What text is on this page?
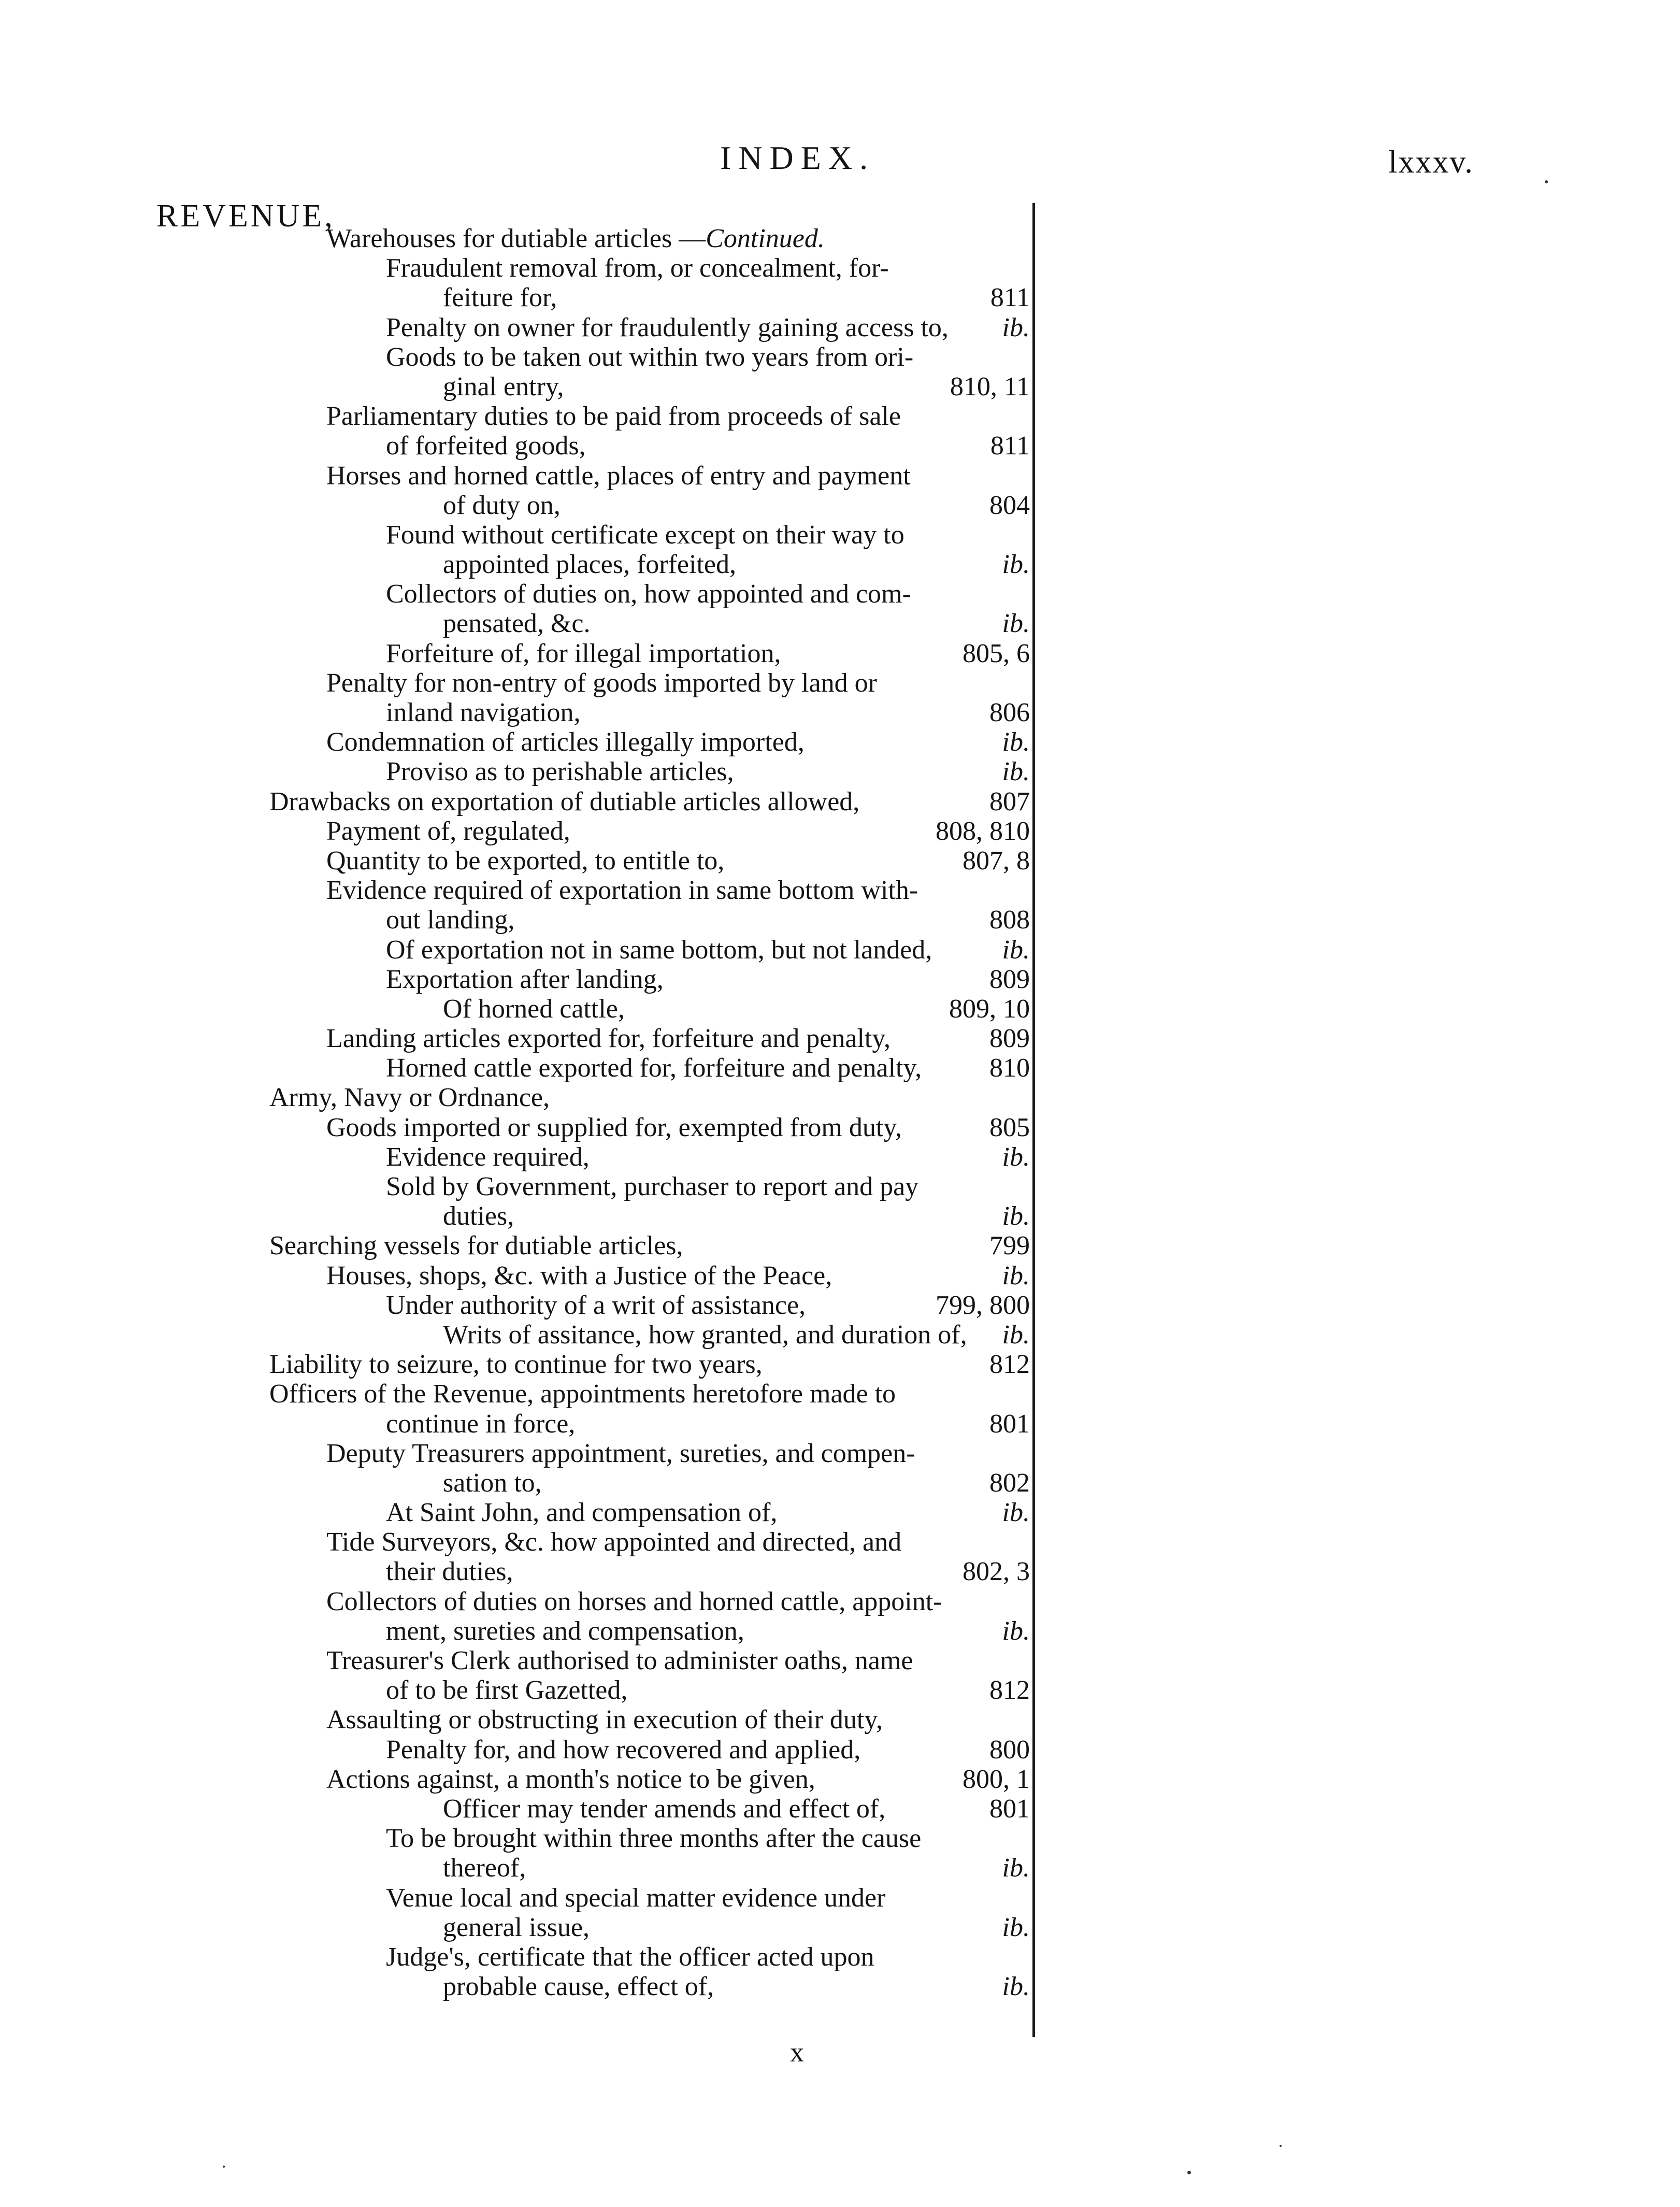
INDEX.	lxxxv.
REVENUE,
Warehouses for dutiable articles —Continued.
Fraudulent removal from, or concealment, for-
feiture for,	811
Penalty on owner for fraudulently gaining access to, ib.
Goods to be taken out within two years from ori-
ginal entry,	810, 11
Parliamentary duties to be paid from proceeds of sale
of forfeited goods,	811
Horses and horned cattle, places of entry and payment
of duty on,	804
Found without certificate except on their way to
appointed places, forfeited,	ib.
Collectors of duties on, how appointed and com-
pensated, &c.	ib.
Forfeiture of, for illegal importation,	805, 6
Penalty for non-entry of goods imported by land or
inland navigation,	806
Condemnation of articles illegally imported,	ib.
Proviso as to perishable articles,	ib.
Drawbacks on exportation of dutiable articles allowed,	807
Payment of, regulated,	808, 810
Quantity to be exported, to entitle to,	807, 8
Evidence required of exportation in same bottom with-
out landing,	808
Of exportation not in same bottom, but not landed,	ib.
Exportation after landing,	809
Of horned cattle,	809, 10
Landing articles exported for, forfeiture and penalty,	809
Horned cattle exported for, forfeiture and penalty,	810
Army, Navy or Ordnance,
Goods imported or supplied for, exempted from duty,	805
Evidence required,	ib.
Sold by Government, purchaser to report and pay
duties,	ib.
Searching vessels for dutiable articles,	799
Houses, shops, &c. with a Justice of the Peace,	ib.
Under authority of a writ of assistance,	799, 800
Writs of assitance, how granted, and duration of, ib.
Liability to seizure, to continue for two years,	812
Officers of the Revenue, appointments heretofore made to
continue in force,	801
Deputy Treasurers appointment, sureties, and compen-
sation to,	802
At Saint John, and compensation of,	ib.
Tide Surveyors, &c. how appointed and directed, and
their duties,	802, 3
Collectors of duties on horses and horned cattle, appoint-
ment, sureties and compensation,	ib.
Treasurer's Clerk authorised to administer oaths, name
of to be first Gazetted,	812
Assaulting or obstructing in execution of their duty,
Penalty for, and how recovered and applied,	800
Actions against, a month's notice to be given,	800, 1
Officer may tender amends and effect of,	801
To be brought within three months after the cause
thereof,	ib.
Venue local and special matter evidence under
general issue,	ib.
Judge's, certificate that the officer acted upon
probable cause, effect of,	ib.
x
